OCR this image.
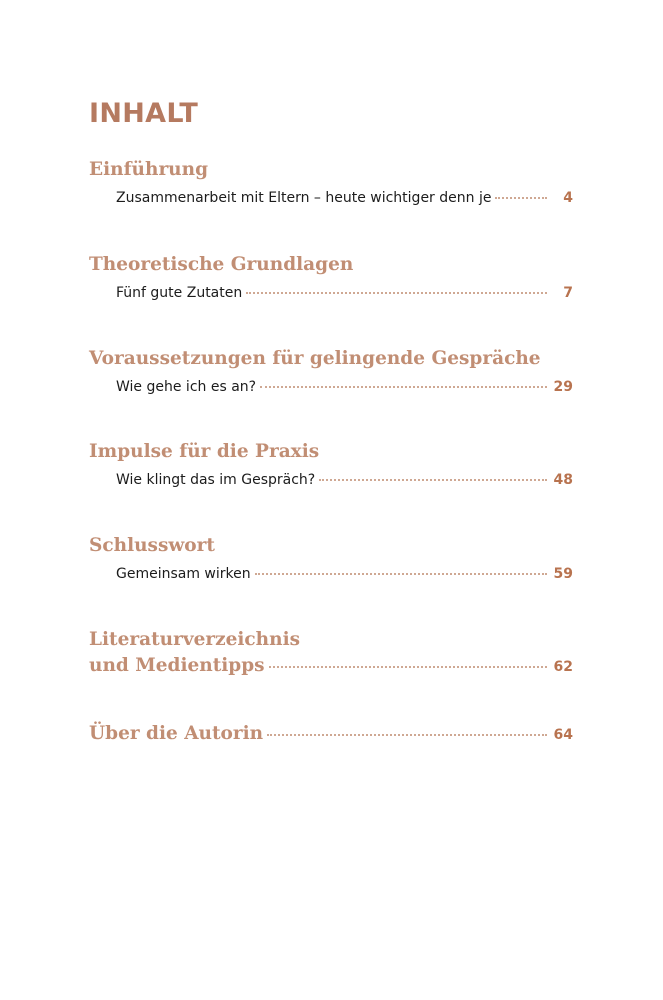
INHALT
Einführung
Zusammenarbeit mit Eltern – heute wichtiger denn je	4
Theoretische Grundlagen
Fünf gute Zutaten	7
Voraussetzungen für gelingende Gespräche
Wie gehe ich es an?	29
Impulse für die Praxis
Wie klingt das im Gespräch?	48
Schlusswort
Gemeinsam wirken	59
Literaturverzeichnis
und Medientipps	62
Über die Autorin	64
